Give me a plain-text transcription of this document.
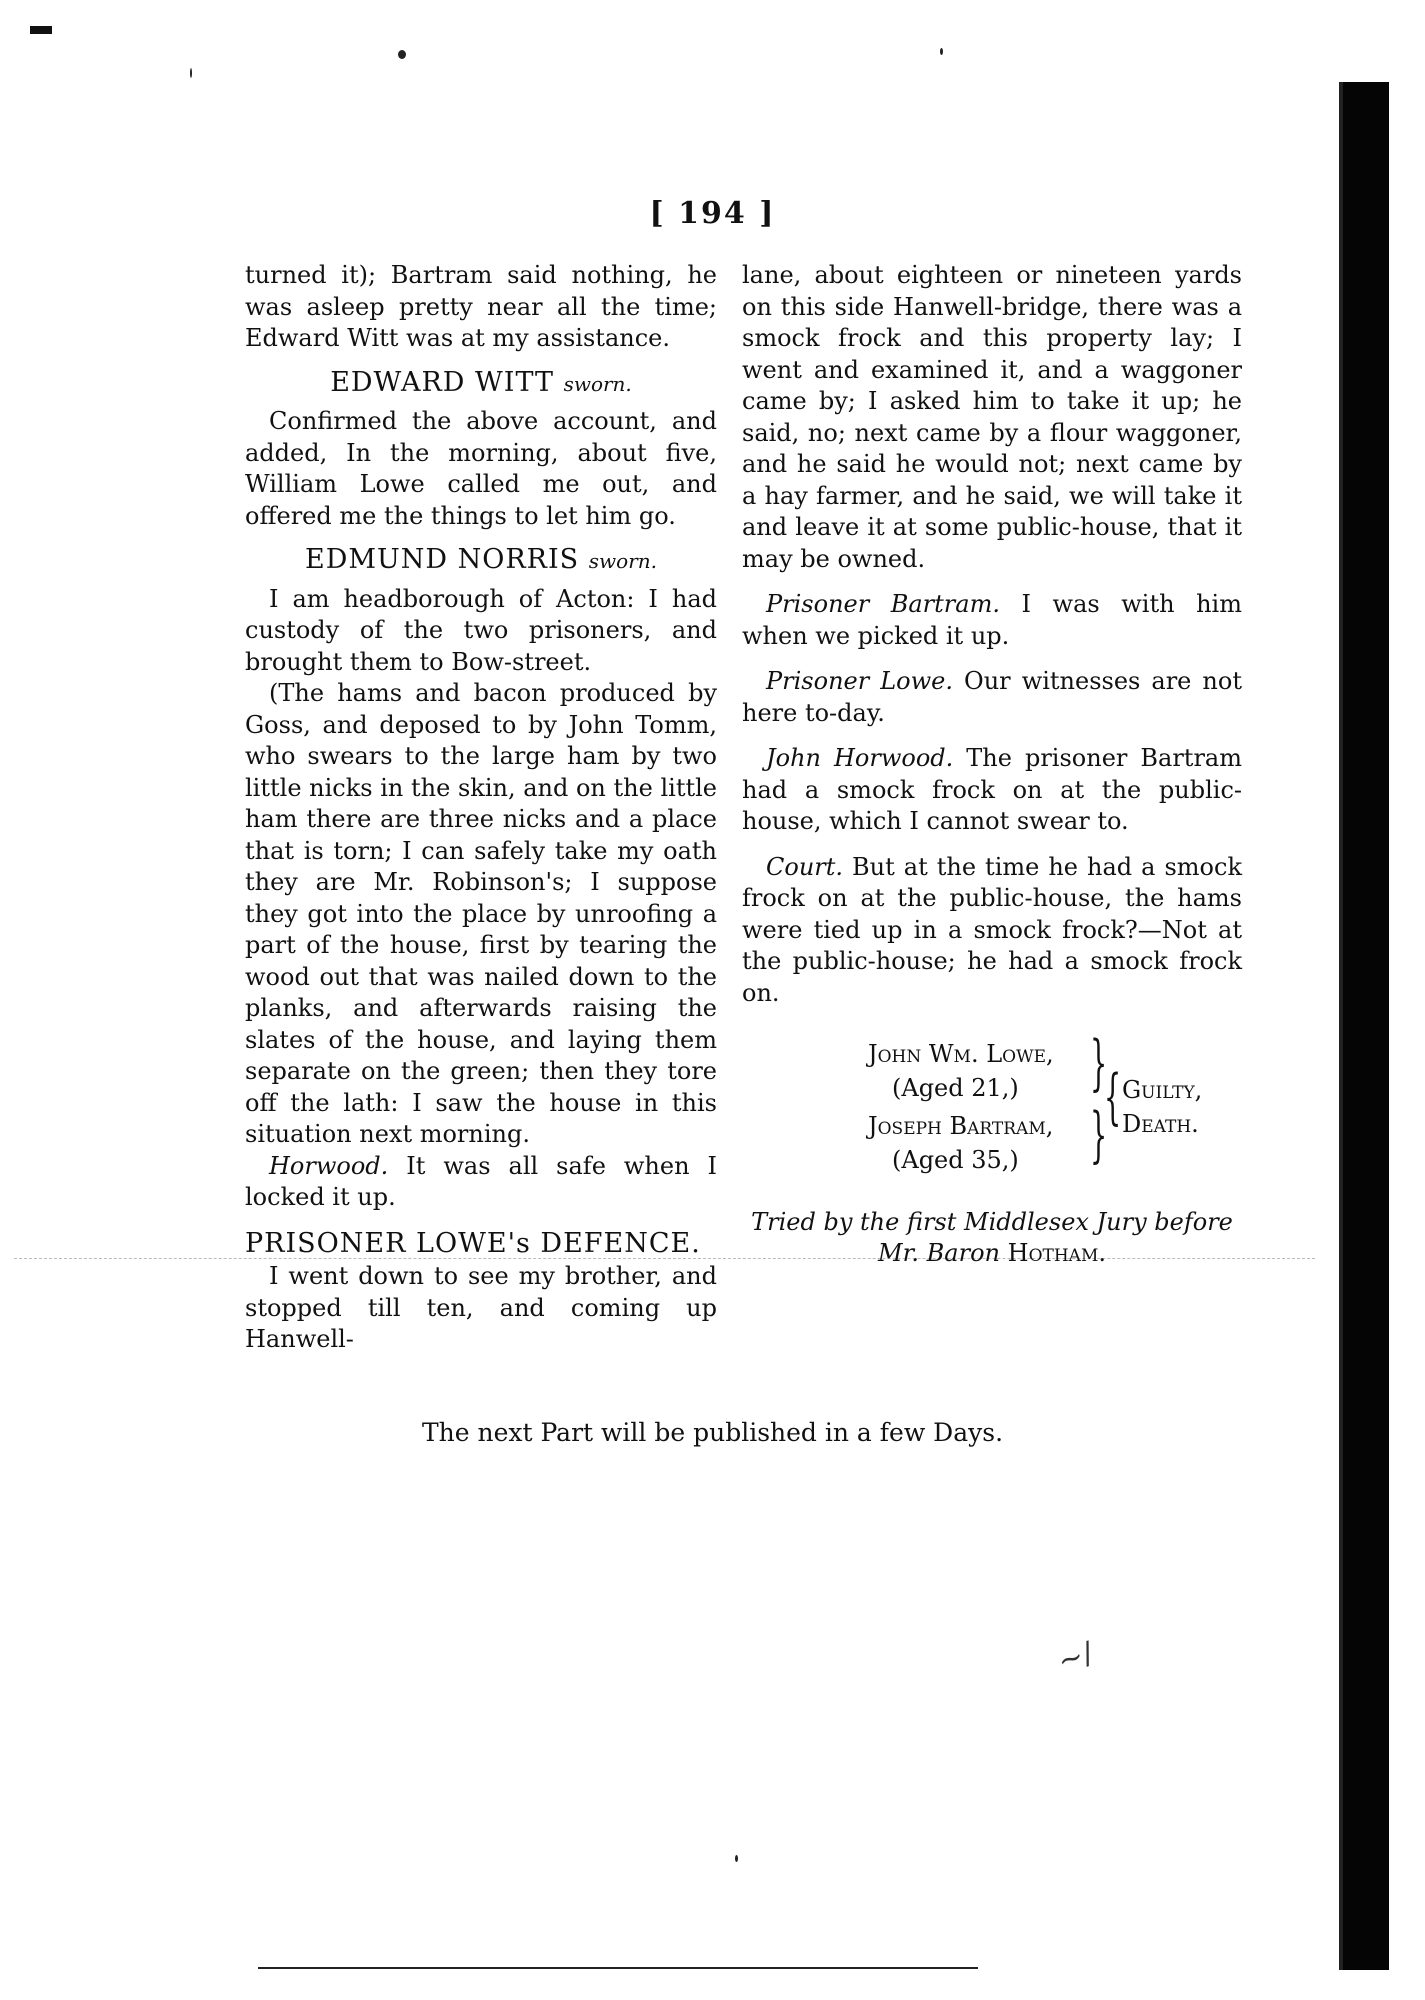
[ 194 ]

turned it); Bartram said nothing, he was asleep pretty near all the time; Edward Witt was at my assistance.

EDWARD WITT sworn.

Confirmed the above account, and added, In the morning, about five, William Lowe called me out, and offered me the things to let him go.

EDMUND NORRIS sworn.

I am headborough of Acton: I had custody of the two prisoners, and brought them to Bow-street.

(The hams and bacon produced by Goss, and deposed to by John Tomm, who swears to the large ham by two little nicks in the skin, and on the little ham there are three nicks and a place that is torn; I can safely take my oath they are Mr. Robinson's; I suppose they got into the place by unroofing a part of the house, first by tearing the wood out that was nailed down to the planks, and afterwards raising the slates of the house, and laying them separate on the green; then they tore off the lath: I saw the house in this situation next morning.

Horwood. It was all safe when I locked it up.

PRISONER LOWE's DEFENCE.

I went down to see my brother, and stopped till ten, and coming up Hanwell-

lane, about eighteen or nineteen yards on this side Hanwell-bridge, there was a smock frock and this property lay; I went and examined it, and a waggoner came by; I asked him to take it up; he said, no; next came by a flour waggoner, and he said he would not; next came by a hay farmer, and he said, we will take it and leave it at some public-house, that it may be owned.

Prisoner Bartram. I was with him when we picked it up.

Prisoner Lowe. Our witnesses are not here to-day.

John Horwood. The prisoner Bartram had a smock frock on at the public-house, which I cannot swear to.

Court. But at the time he had a smock frock on at the public-house, the hams were tied up in a smock frock?—Not at the public-house; he had a smock frock on.

John Wm. Lowe,
(Aged 21,)
Joseph Bartram,
(Aged 35,)
}
{
}
Guilty,
Death.
Tried by the first Middlesex Jury before
Mr. Baron Hotham.
The next Part will be published in a few Days.
~/
